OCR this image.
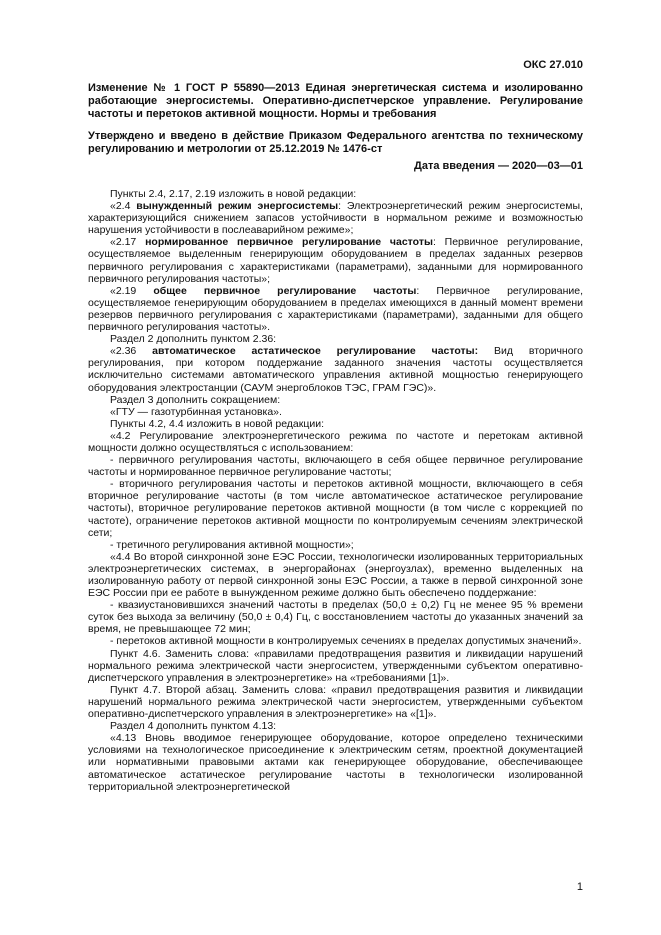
ОКС 27.010
Изменение № 1 ГОСТ Р 55890—2013 Единая энергетическая система и изолированно работающие энергосистемы. Оперативно-диспетчерское управление. Регулирование частоты и перетоков активной мощности. Нормы и требования
Утверждено и введено в действие Приказом Федерального агентства по техническому регулированию и метрологии от 25.12.2019 № 1476-ст
Дата введения — 2020—03—01

Пункты 2.4, 2.17, 2.19 изложить в новой редакции:

«2.4 вынужденный режим энергосистемы: Электроэнергетический режим энергосистемы, характеризующийся снижением запасов устойчивости в нормальном режиме и возможностью нарушения устойчивости в послеаварийном режиме»;

«2.17 нормированное первичное регулирование частоты: Первичное регулирование, осуществляемое выделенным генерирующим оборудованием в пределах заданных резервов первичного регулирования с характеристиками (параметрами), заданными для нормированного первичного регулирования частоты»;

«2.19 общее первичное регулирование частоты: Первичное регулирование, осуществляемое генерирующим оборудованием в пределах имеющихся в данный момент времени резервов первичного регулирования с характеристиками (параметрами), заданными для общего первичного регулирования частоты».

Раздел 2 дополнить пунктом 2.36:

«2.36 автоматическое астатическое регулирование частоты: Вид вторичного регулирования, при котором поддержание заданного значения частоты осуществляется исключительно системами автоматического управления активной мощностью генерирующего оборудования электростанции (САУМ энергоблоков ТЭС, ГРАМ ГЭС)».

Раздел 3 дополнить сокращением:

«ГТУ — газотурбинная установка».

Пункты 4.2, 4.4 изложить в новой редакции:

«4.2 Регулирование электроэнергетического режима по частоте и перетокам активной мощности должно осуществляться с использованием:

- первичного регулирования частоты, включающего в себя общее первичное регулирование частоты и нормированное первичное регулирование частоты;

- вторичного регулирования частоты и перетоков активной мощности, включающего в себя вторичное регулирование частоты (в том числе автоматическое астатическое регулирование частоты), вторичное регулирование перетоков активной мощности (в том числе с коррекцией по частоте), ограничение перетоков активной мощности по контролируемым сечениям электрической сети;

- третичного регулирования активной мощности»;

«4.4 Во второй синхронной зоне ЕЭС России, технологически изолированных территориальных электроэнергетических системах, в энергорайонах (энергоузлах), временно выделенных на изолированную работу от первой синхронной зоны ЕЭС России, а также в первой синхронной зоне ЕЭС России при ее работе в вынужденном режиме должно быть обеспечено поддержание:

- квазиустановившихся значений частоты в пределах (50,0 ± 0,2) Гц не менее 95 % времени суток без выхода за величину (50,0 ± 0,4) Гц, с восстановлением частоты до указанных значений за время, не превышающее 72 мин;

- перетоков активной мощности в контролируемых сечениях в пределах допустимых значений».

Пункт 4.6. Заменить слова: «правилами предотвращения развития и ликвидации нарушений нормального режима электрической части энергосистем, утвержденными субъектом оперативно-диспетчерского управления в электроэнергетике» на «требованиями [1]».

Пункт 4.7. Второй абзац. Заменить слова: «правил предотвращения развития и ликвидации нарушений нормального режима электрической части энергосистем, утвержденными субъектом оперативно-диспетчерского управления в электроэнергетике» на «[1]».

Раздел 4 дополнить пунктом 4.13:

«4.13 Вновь вводимое генерирующее оборудование, которое определено техническими условиями на технологическое присоединение к электрическим сетям, проектной документацией или нормативными правовыми актами как генерирующее оборудование, обеспечивающее автоматическое астатическое регулирование частоты в технологически изолированной территориальной электроэнергетической

1
